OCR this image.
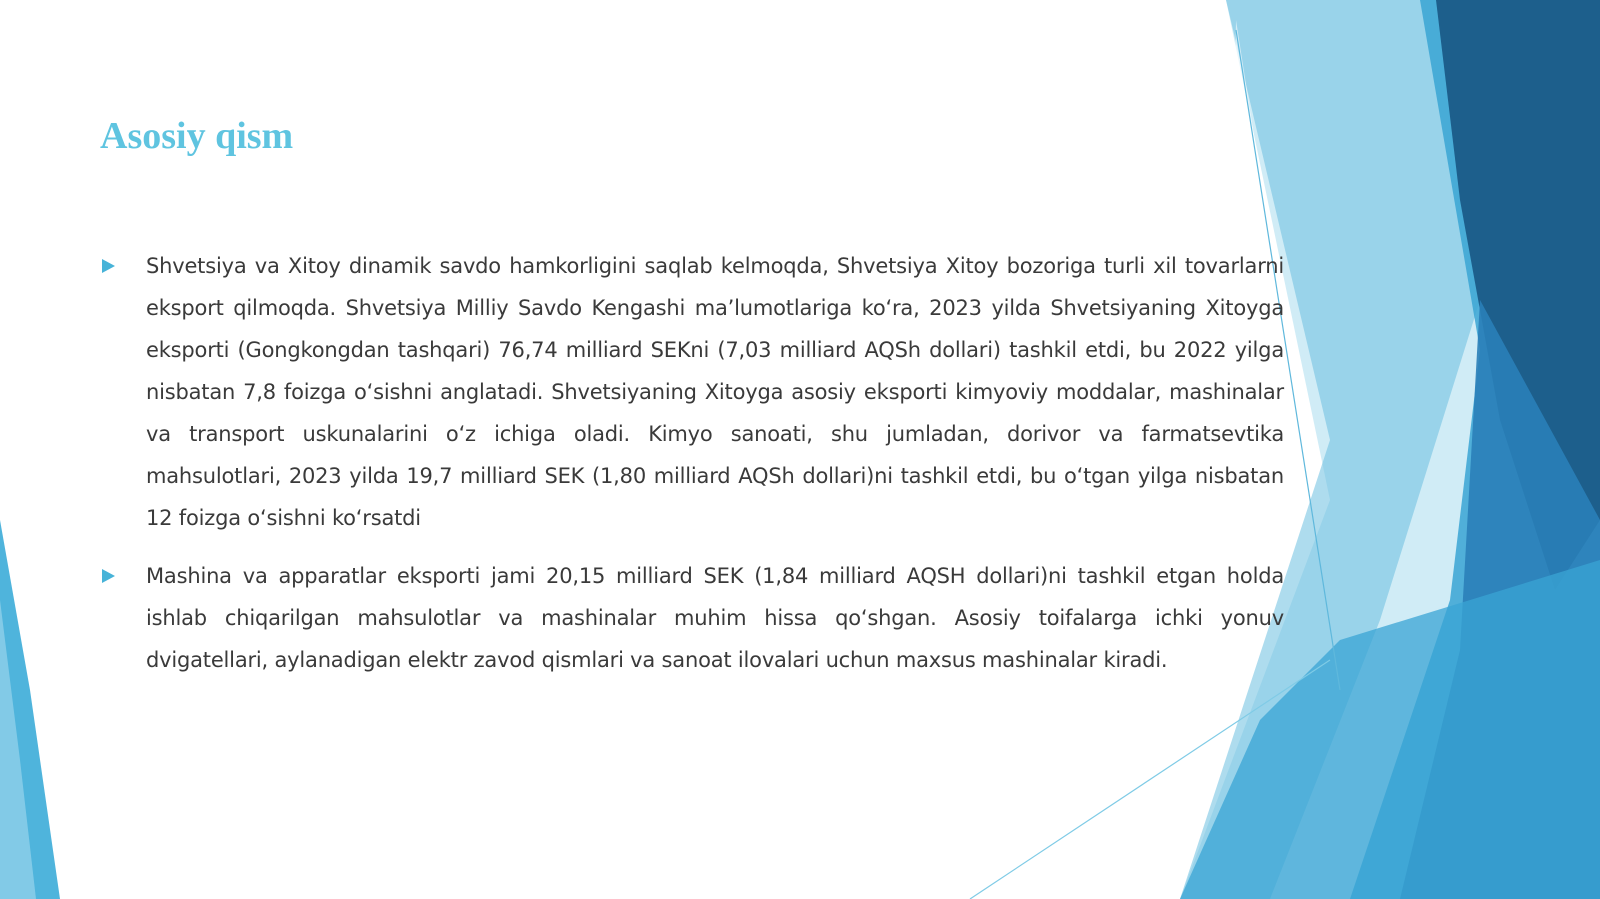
Asosiy qism
Shvetsiya va Xitoy dinamik savdo hamkorligini saqlab kelmoqda, Shvetsiya Xitoy bozoriga turli xil tovarlarni eksport qilmoqda. Shvetsiya Milliy Savdo Kengashi ma’lumotlariga koʻra, 2023 yilda Shvetsiyaning Xitoyga eksporti (Gongkongdan tashqari) 76,74 milliard SEKni (7,03 milliard AQSh dollari) tashkil etdi, bu 2022 yilga nisbatan 7,8 foizga oʻsishni anglatadi. Shvetsiyaning Xitoyga asosiy eksporti kimyoviy moddalar, mashinalar va transport uskunalarini oʻz ichiga oladi. Kimyo sanoati, shu jumladan, dorivor va farmatsevtika mahsulotlari, 2023 yilda 19,7 milliard SEK (1,80 milliard AQSh dollari)ni tashkil etdi, bu oʻtgan yilga nisbatan 12 foizga oʻsishni koʻrsatdi
Mashina va apparatlar eksporti jami 20,15 milliard SEK (1,84 milliard AQSH dollari)ni tashkil etgan holda ishlab chiqarilgan mahsulotlar va mashinalar muhim hissa qoʻshgan. Asosiy toifalarga ichki yonuv dvigatellari, aylanadigan elektr zavod qismlari va sanoat ilovalari uchun maxsus mashinalar kiradi.
